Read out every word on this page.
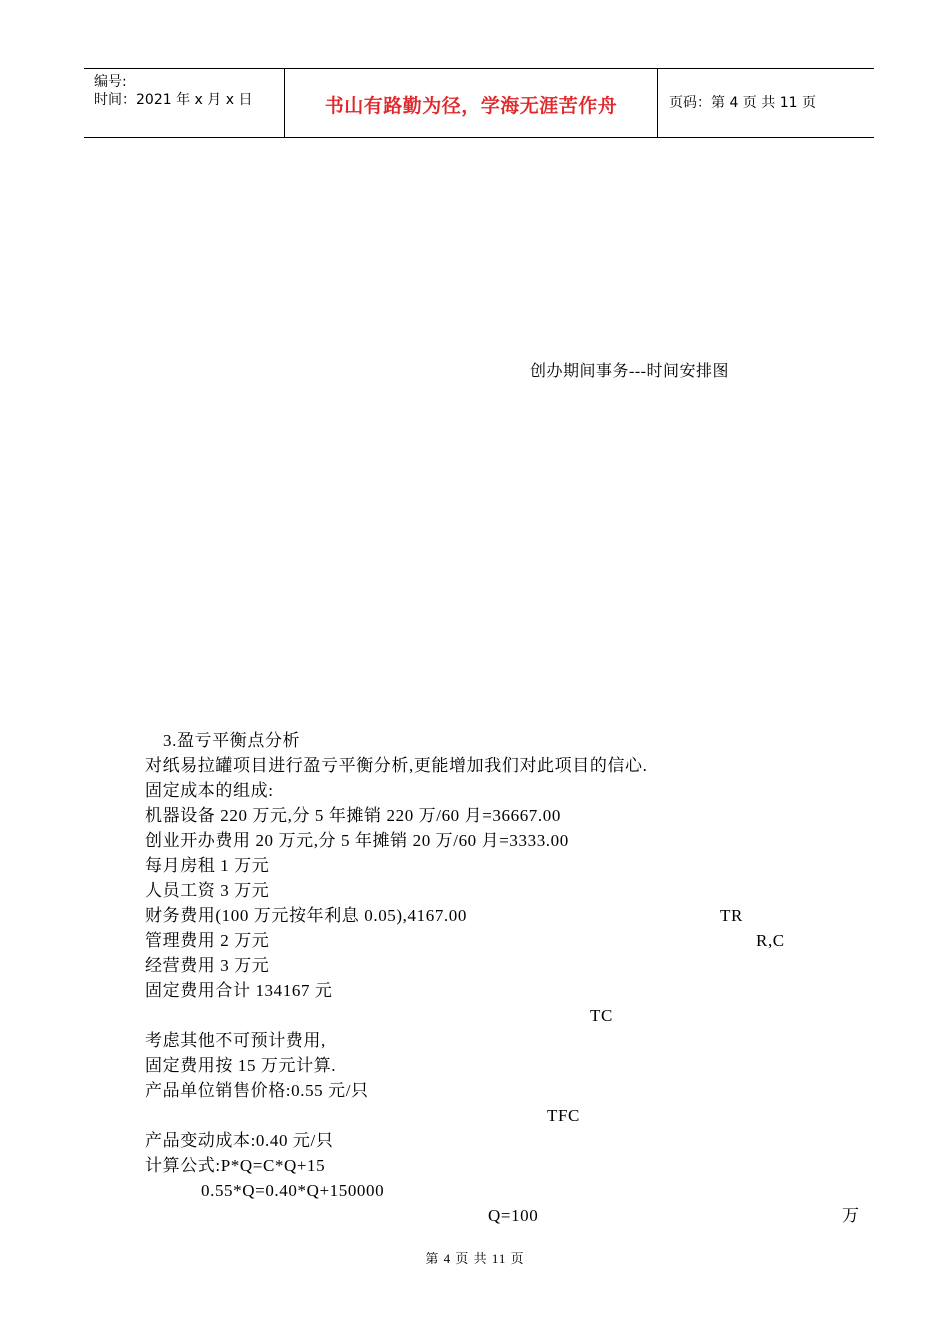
编号:
时间：2021 年 x 月 x 日	书山有路勤为径，学海无涯苦作舟	页码：第 4 页 共 11 页
创办期间事务---时间安排图
3.盈亏平衡点分析
对纸易拉罐项目进行盈亏平衡分析,更能增加我们对此项目的信心.
固定成本的组成:
机器设备 220 万元,分 5 年摊销 220 万/60 月=36667.00
创业开办费用 20 万元,分 5 年摊销 20 万/60 月=3333.00
每月房租 1 万元
人员工资 3 万元
财务费用(100 万元按年利息 0.05),4167.00
管理费用 2 万元
经营费用 3 万元
固定费用合计 134167 元
考虑其他不可预计费用,
固定费用按 15 万元计算.
产品单位销售价格:0.55 元/只
产品变动成本:0.40 元/只
计算公式:P*Q=C*Q+15
0.55*Q=0.40*Q+150000
Q=100	万
TR
R,C
TC
TFC
第 4 页 共 11 页
